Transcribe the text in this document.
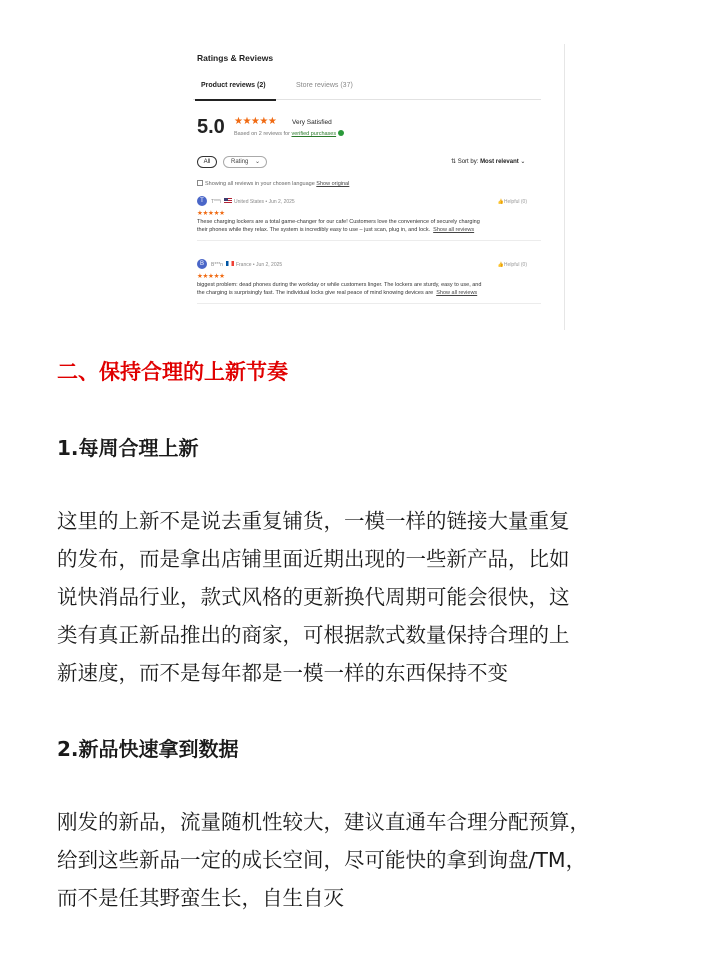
Ratings & Reviews
Product reviews (2)	Store reviews (37)
5.0 ★★★★★ Very Satisfied
Based on 2 reviews for verified purchases
All	Rating ⌄	⇅ Sort by: Most relevant ⌄
Showing all reviews in your chosen language Show original
T	T***i	United States • Jun 2, 2025	👍Helpful (0)
★★★★★
These charging lockers are a total game-changer for our cafe! Customers love the convenience of securely charging
their phones while they relax. The system is incredibly easy to use – just scan, plug in, and lock. Show all reviews
B	B***n	France • Jun 2, 2025	👍Helpful (0)
★★★★★
biggest problem: dead phones during the workday or while customers linger. The lockers are sturdy, easy to use, and
the charging is surprisingly fast. The individual locks give real peace of mind knowing devices are Show all reviews
二、保持合理的上新节奏
1.每周合理上新
这里的上新不是说去重复铺货，一模一样的链接大量重复
的发布，而是拿出店铺里面近期出现的一些新产品，比如
说快消品行业，款式风格的更新换代周期可能会很快，这
类有真正新品推出的商家，可根据款式数量保持合理的上
新速度，而不是每年都是一模一样的东西保持不变
2.新品快速拿到数据
刚发的新品，流量随机性较大，建议直通车合理分配预算，
给到这些新品一定的成长空间，尽可能快的拿到询盘/TM，
而不是任其野蛮生长，自生自灭
